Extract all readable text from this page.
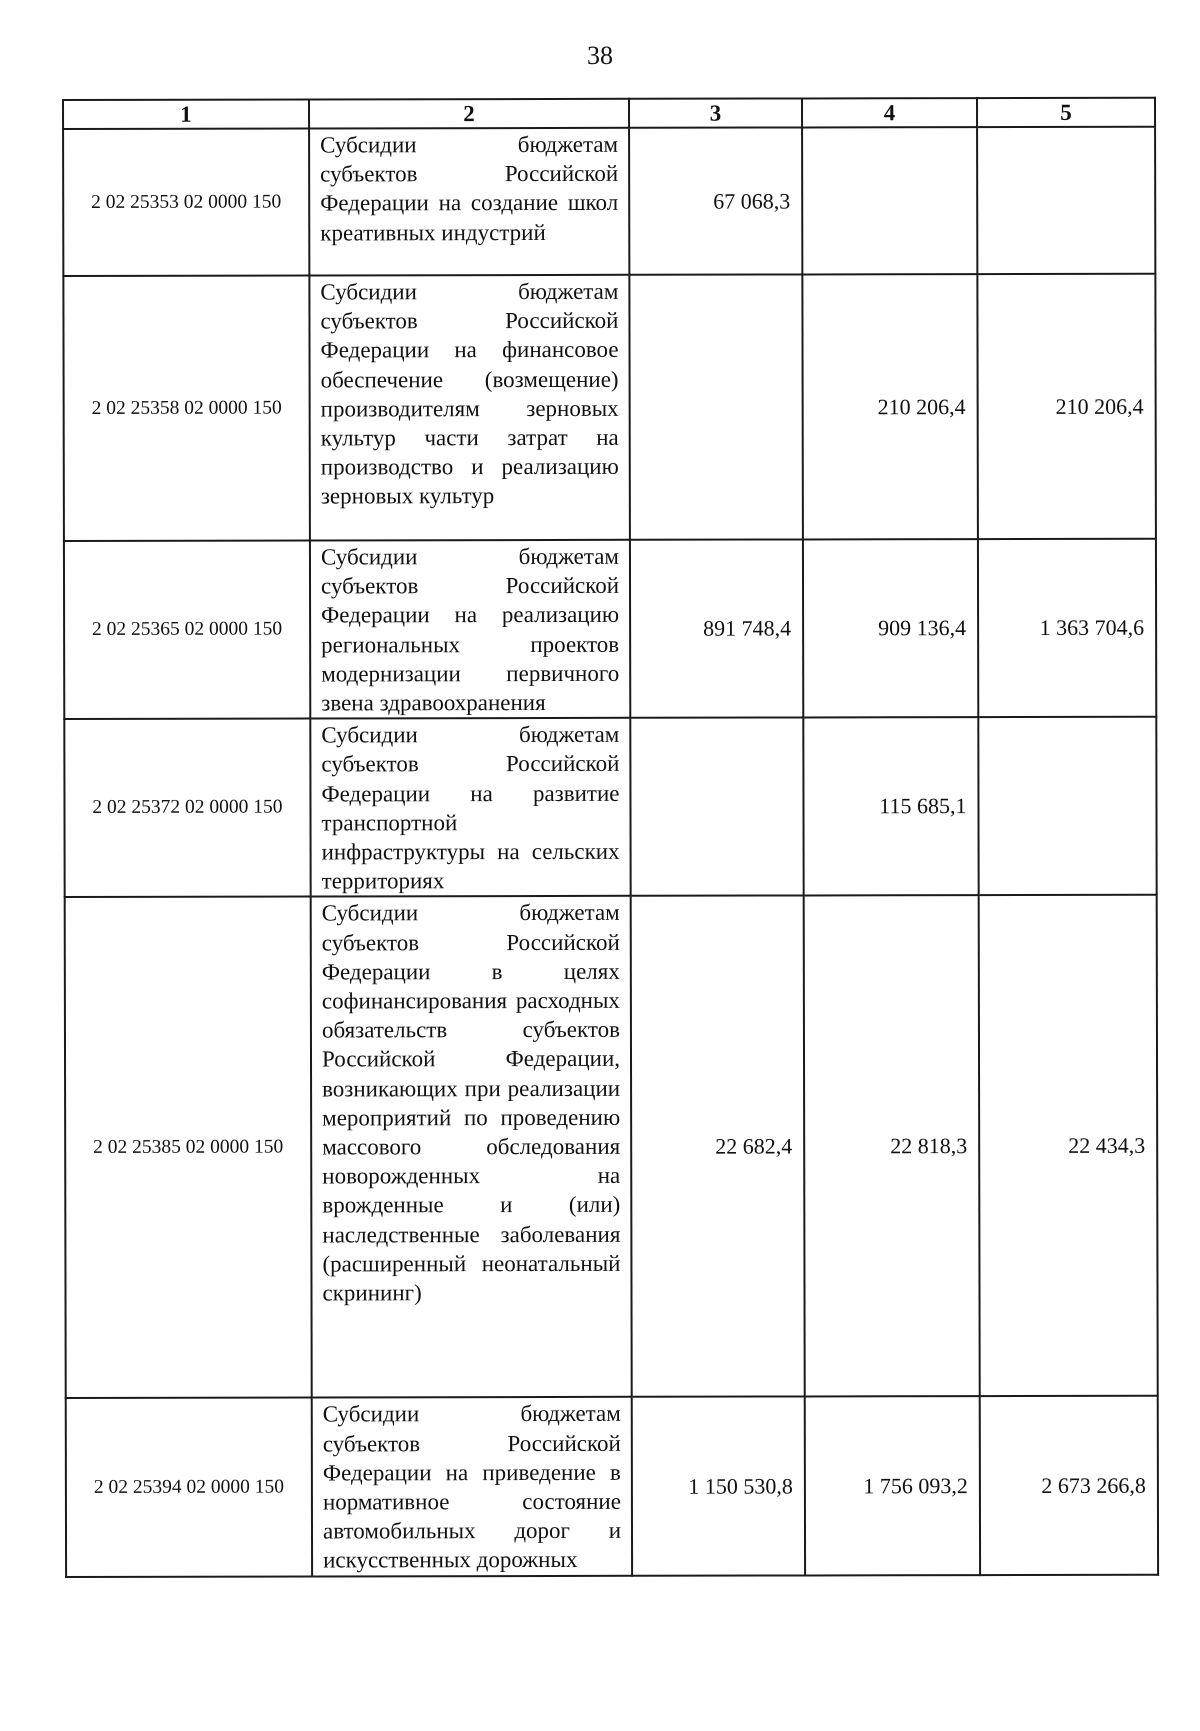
38
1	2	3	4	5
2 02 25353 02 0000 150	Субсидии бюджетам субъектов Российской Федерации на создание школ креативных индустрий	67 068,3		
2 02 25358 02 0000 150	Субсидии бюджетам субъектов Российской Федерации на финансовое обеспечение (возмещение) производителям зерновых культур части затрат на производство и реализацию зерновых культур		210 206,4	210 206,4
2 02 25365 02 0000 150	Субсидии бюджетам субъектов Российской Федерации на реализацию региональных проектов модернизации первичного звена здравоохранения	891 748,4	909 136,4	1 363 704,6
2 02 25372 02 0000 150	Субсидии бюджетам субъектов Российской Федерации на развитие транспортной инфраструктуры на сельских территориях		115 685,1	
2 02 25385 02 0000 150	Субсидии бюджетам субъектов Российской Федерации в целях софинансирования расходных обязательств субъектов Российской Федерации, возникающих при реализации мероприятий по проведению массового обследования новорожденных на врожденные и (или) наследственные заболевания (расширенный неонатальный скрининг)	22 682,4	22 818,3	22 434,3
2 02 25394 02 0000 150	Субсидии бюджетам субъектов Российской Федерации на приведение в нормативное состояние автомобильных дорог и искусственных дорожных	1 150 530,8	1 756 093,2	2 673 266,8
